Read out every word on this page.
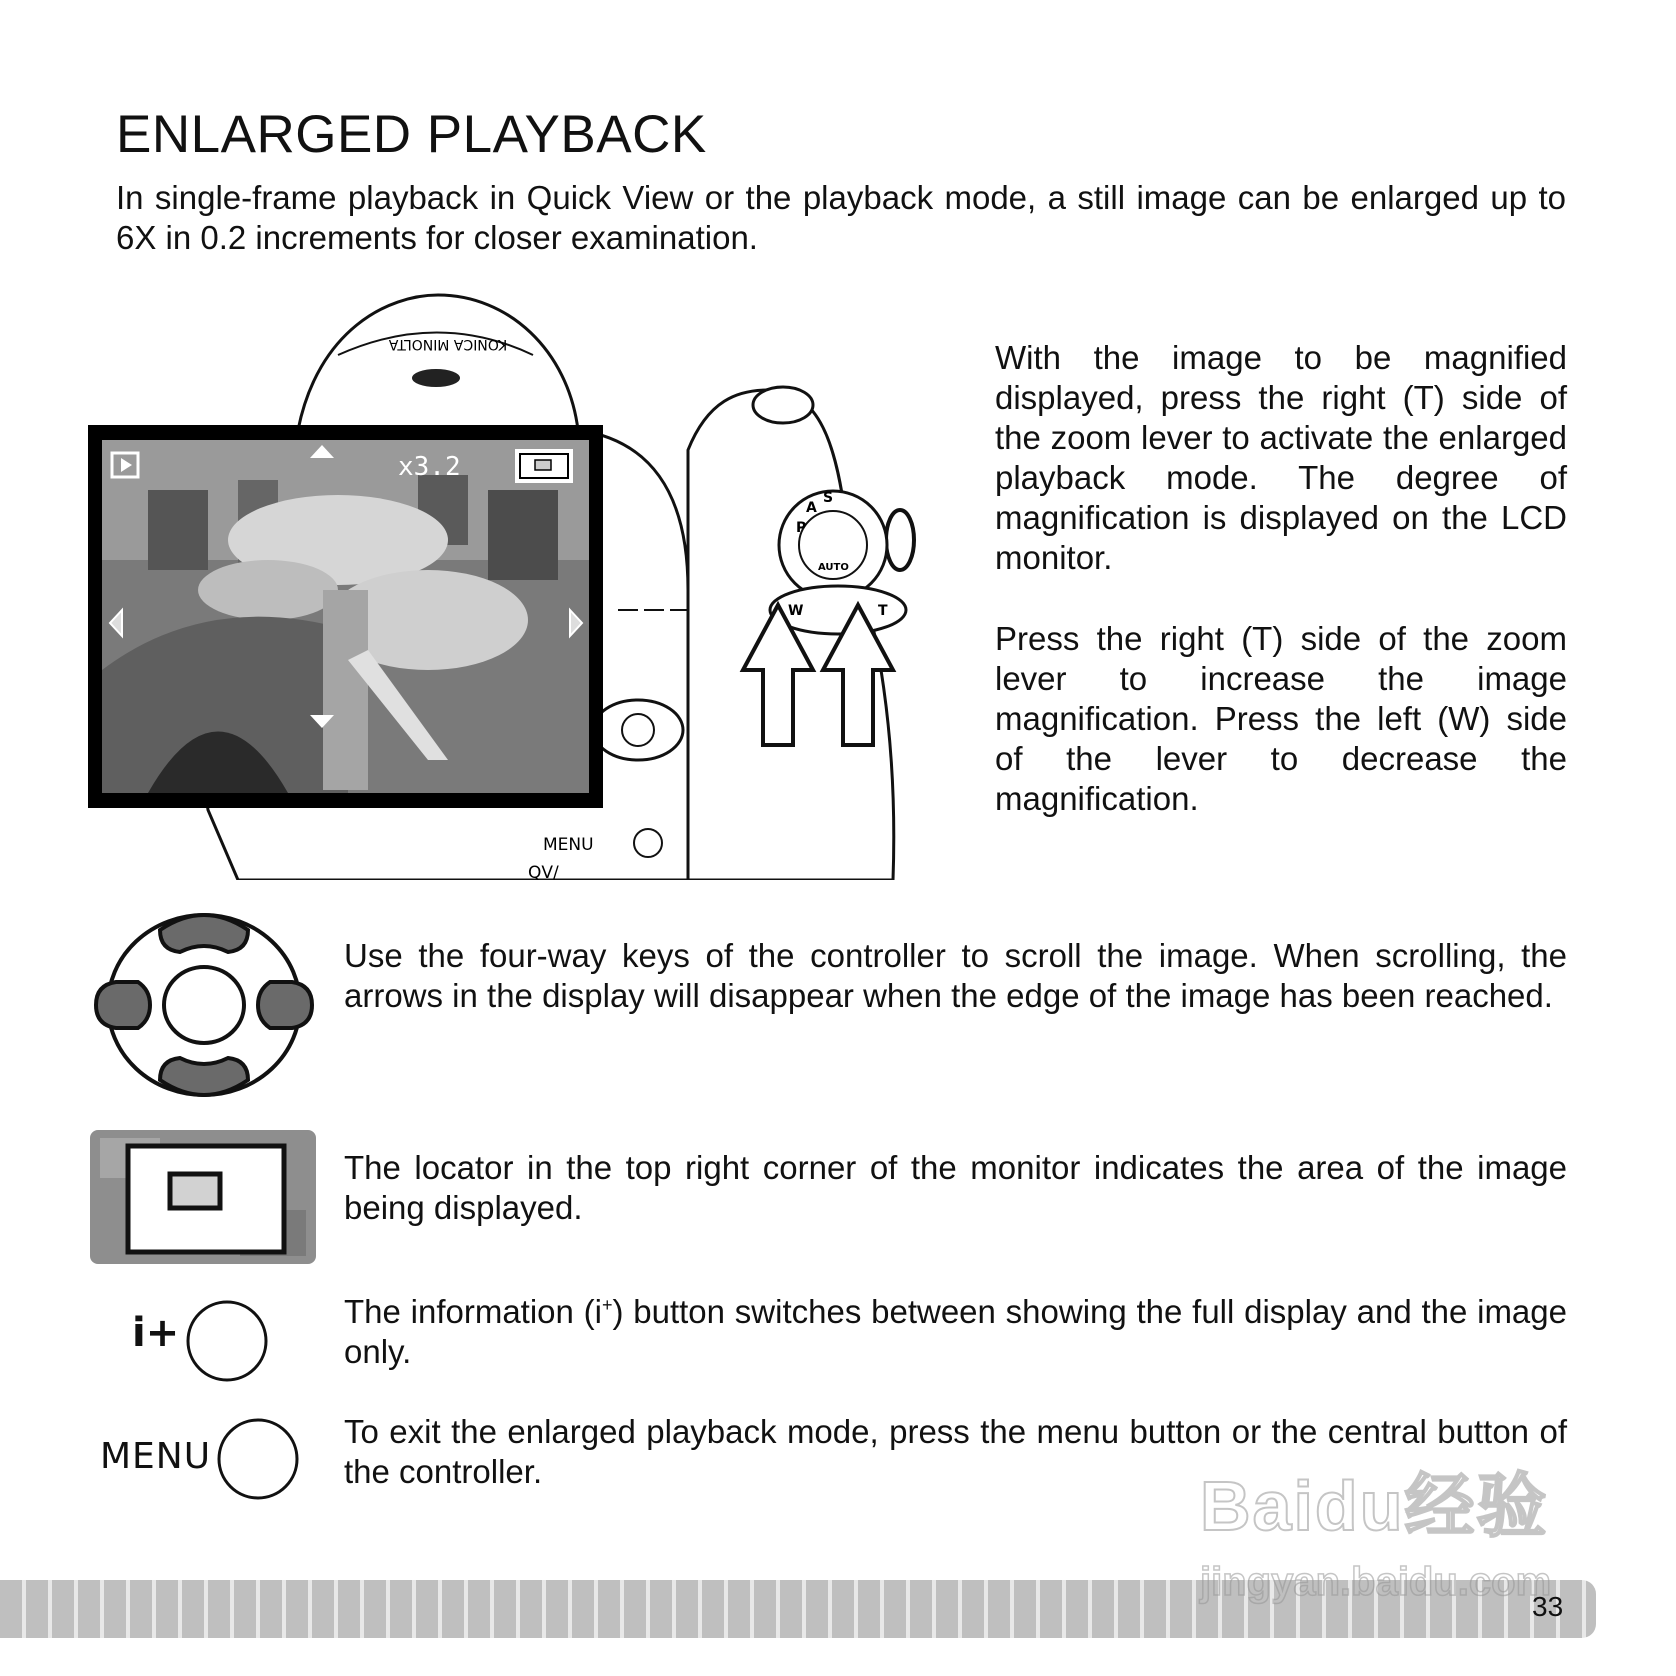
ENLARGED PLAYBACK

In single-frame playback in Quick View or the playback mode, a still image can be enlarged up to 6X in 0.2 increments for closer examination.

KONICA MINOLTA
P
A
S
AUTO
W	T
MENU
QV/
x3.2

With the image to be magnified displayed, press the right (T) side of the zoom lever to activate the enlarged playback mode. The degree of magnification is displayed on the LCD monitor.

Press the right (T) side of the zoom lever to increase the image magnification. Press the left (W) side of the lever to decrease the magnification.

Use the four-way keys of the controller to scroll the image. When scrolling, the arrows in the display will disappear when the edge of the image has been reached.

The locator in the top right corner of the monitor indicates the area of the image being displayed.

i+	The information (i+) button switches between showing the full display and the image only.

MENU

To exit the enlarged playback mode, press the menu button or the central button of the controller.	Baidu经验
jingyan.baidu.com
33
